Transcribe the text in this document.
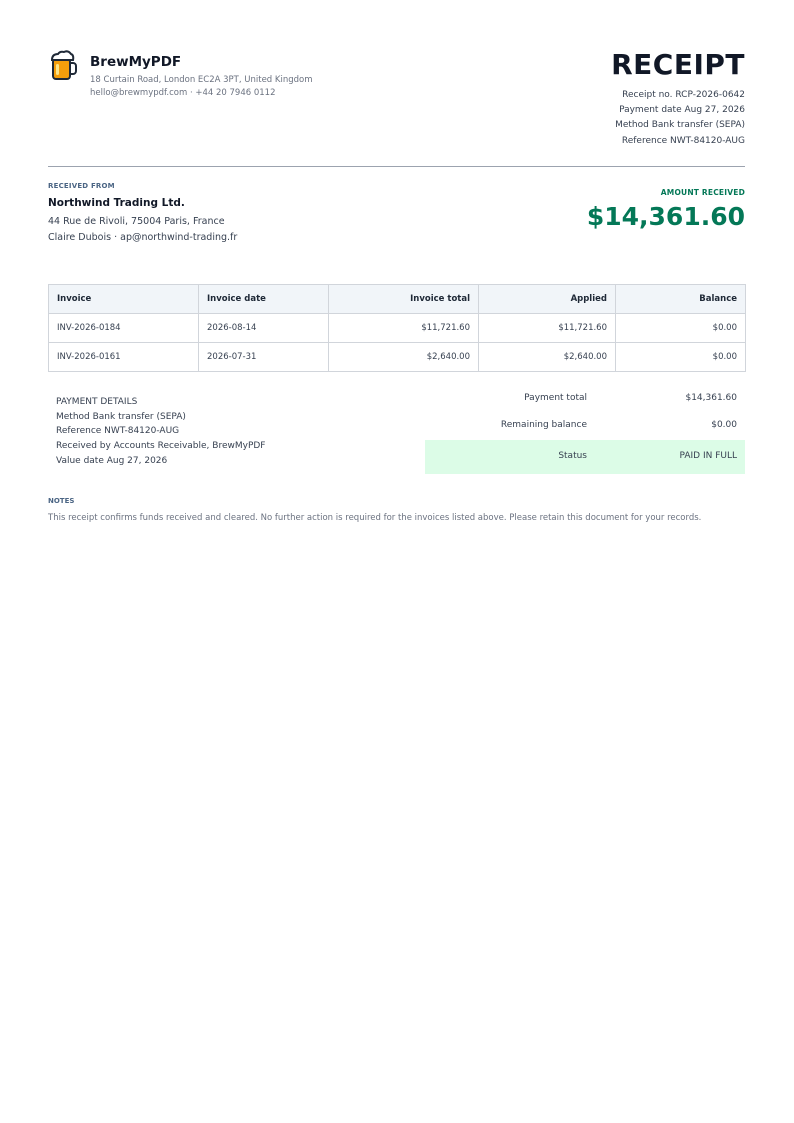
BrewMyPDF
18 Curtain Road, London EC2A 3PT, United Kingdom
hello@brewmypdf.com · +44 20 7946 0112
RECEIPT
Receipt no. RCP-2026-0642
Payment date Aug 27, 2026
Method Bank transfer (SEPA)
Reference NWT-84120-AUG
RECEIVED FROM
Northwind Trading Ltd.
44 Rue de Rivoli, 75004 Paris, France
Claire Dubois · ap@northwind-trading.fr
AMOUNT RECEIVED
$14,361.60
Invoice	Invoice date	Invoice total	Applied	Balance
INV-2026-0184	2026-08-14	$11,721.60	$11,721.60	$0.00
INV-2026-0161	2026-07-31	$2,640.00	$2,640.00	$0.00
PAYMENT DETAILS
Method Bank transfer (SEPA)
Reference NWT-84120-AUG
Received by Accounts Receivable, BrewMyPDF
Value date Aug 27, 2026
Payment total	$14,361.60
Remaining balance	$0.00
Status	PAID IN FULL
NOTES
This receipt confirms funds received and cleared. No further action is required for the invoices listed above. Please retain this document for your records.
